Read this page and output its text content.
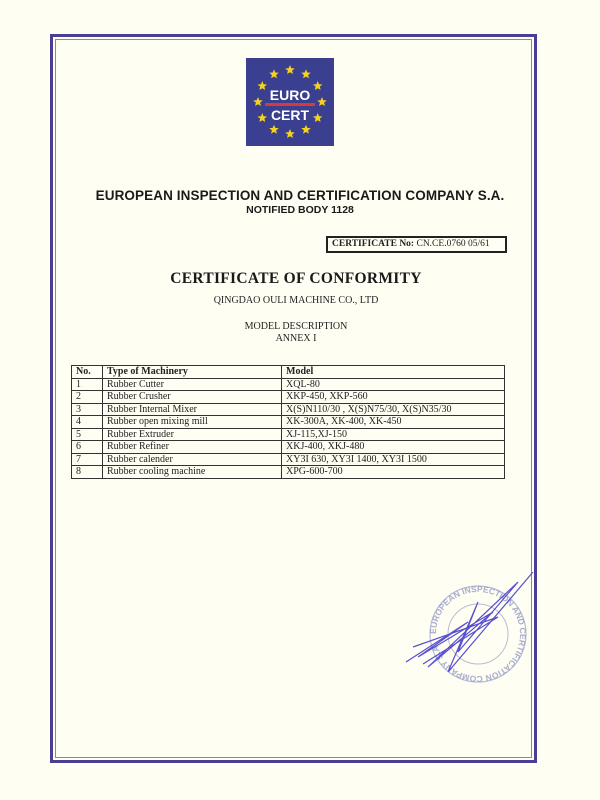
EURO
CERT
EUROPEAN INSPECTION AND CERTIFICATION COMPANY S.A.
NOTIFIED BODY 1128
CERTIFICATE No: CN.CE.0760 05/61
CERTIFICATE OF CONFORMITY
QINGDAO OULI MACHINE CO., LTD
MODEL DESCRIPTION
ANNEX I
No.	Type of Machinery	Model
1	Rubber Cutter	XQL-80
2	Rubber Crusher	XKP-450, XKP-560
3	Rubber Internal Mixer	X(S)N110/30 , X(S)N75/30, X(S)N35/30
4	Rubber open mixing mill	XK-300A, XK-400, XK-450
5	Rubber Extruder	XJ-115,XJ-150
6	Rubber Refiner	XKJ-400, XKJ-480
7	Rubber calender	XY3I 630, XY3I 1400, XY3I 1500
8	Rubber cooling machine	XPG-600-700
EUROPEAN INSPECTION AND CERTIFICATION COMPANY S.A.
